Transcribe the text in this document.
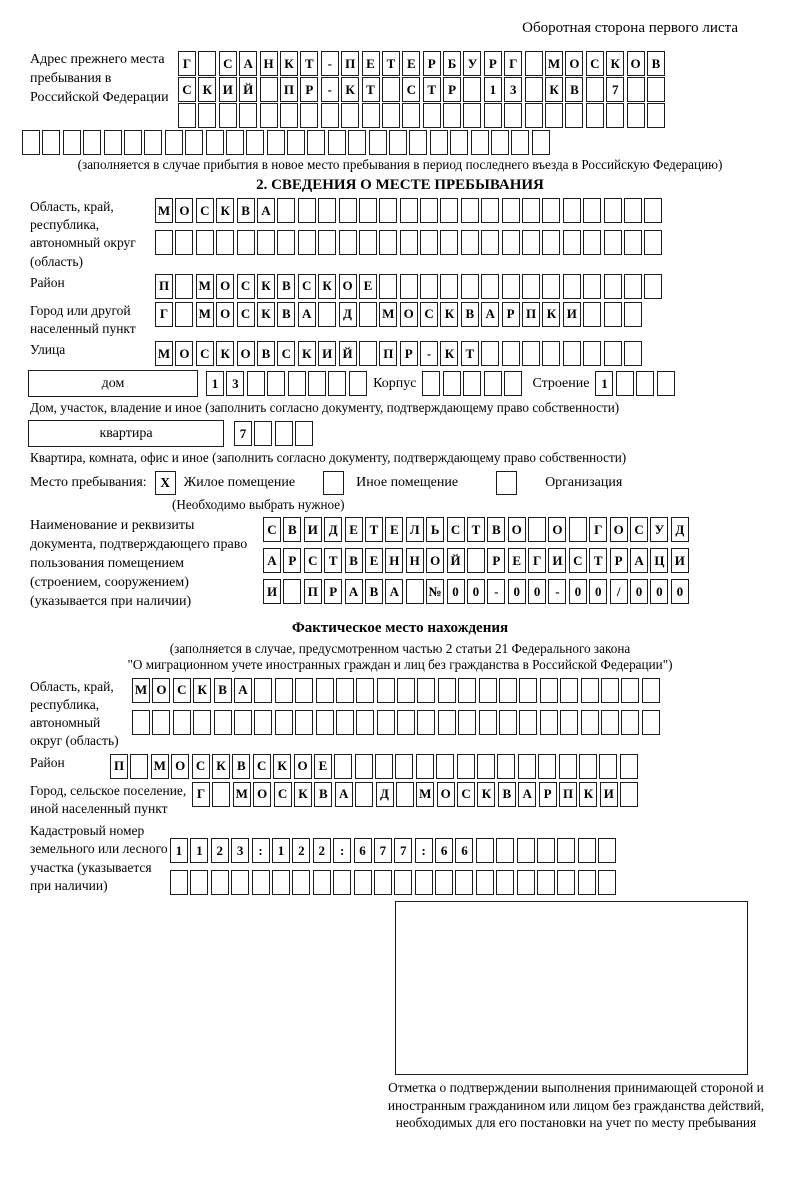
Оборотная сторона первого листа
Адрес прежнего места пребывания в Российской Федерации
Г	С А Н К Т	-	П Е Т Е Р Б У Р Г	М О С К О В
С К И Й	П Р	-	К Т	С Т Р	1	3	К В	7
(заполняется в случае прибытия в новое место пребывания в период последнего въезда в Российскую Федерацию)
2. СВЕДЕНИЯ О МЕСТЕ ПРЕБЫВАНИЯ
Область, край, республика, автономный округ (область)
М О С К В А
Район	П	М О С К В С К О Е
Город или другой населенный пункт
Г	М О С К В А	Д	М О С К В А Р П К И
Улица	М О С К О В С К И Й	П Р	-	К Т
дом	1	3	Корпус	Строение 1
Дом, участок, владение и иное (заполнить согласно документу, подтверждающему право собственности)
квартира	7
Квартира, комната, офис и иное (заполнить согласно документу, подтверждающему право собственности)
Место пребывания:	X Жилое помещение	Иное помещение	Организация
(Необходимо выбрать нужное)
Наименование и реквизиты документа, подтверждающего право пользования помещением (строением, сооружением) (указывается при наличии)
С В И Д Е Т Е Л Ь С Т В О	О	Г О С У Д
А Р С Т В Е Н Н О Й	Р Е Г И С Т Р А Ц И
И	П Р А В А	№ 0	0	-	0	0	-	0	0	/	0	0	0
Фактическое место нахождения
(заполняется в случае, предусмотренном частью 2 статьи 21 Федерального закона
"О миграционном учете иностранных граждан и лиц без гражданства в Российской Федерации")
Область, край, республика, автономный округ (область)
М О С К В А
Район	П	М О С К В С К О Е
Город, сельское поселение, иной населенный пункт
Г	М О С К В А	Д	М О С К В А Р П К И
Кадастровый номер земельного или лесного участка (указывается при наличии)
1	1	2	3	:	1	2	2	:	6	7	7	:	6	6
Отметка о подтверждении выполнения принимающей стороной и иностранным гражданином или лицом без гражданства действий, необходимых для его постановки на учет по месту пребывания
